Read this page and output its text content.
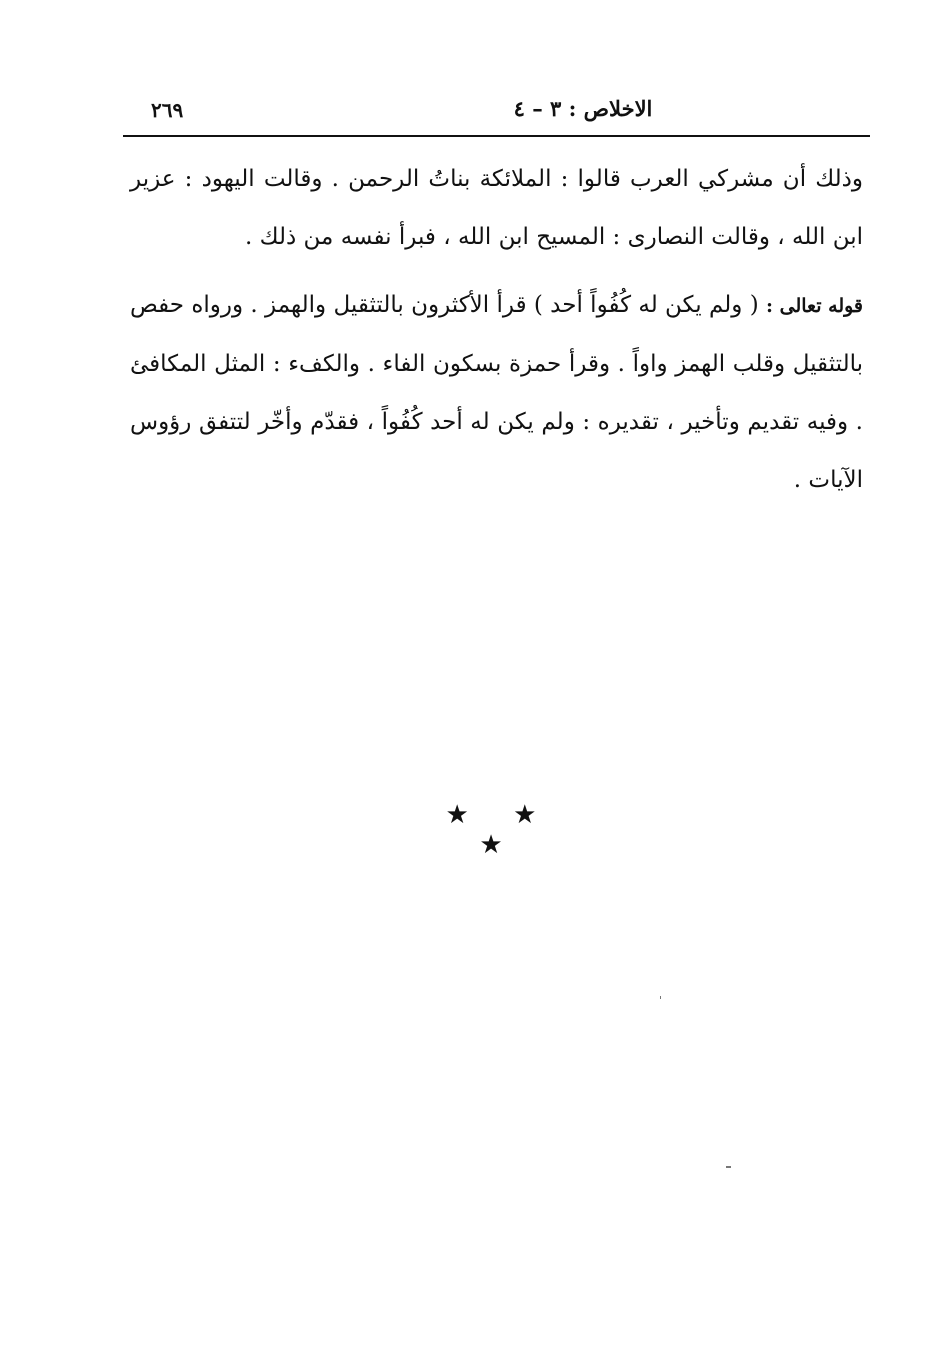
٢٦٩	الاخلاص : ٣ – ٤

وذلك أن مشركي العرب قالوا : الملائكة بناتُ الرحمن . وقالت اليهود : عزير ابن الله ، وقالت النصارى : المسيح ابن الله ، فبرأ نفسه من ذلك .

قوله تعالى : ( ولم يكن له كُفُواً أحد ) قرأ الأكثرون بالتثقيل والهمز . ورواه حفص بالتثقيل وقلب الهمز واواً . وقرأ حمزة بسكون الفاء . والكفء : المثل المكافئ . وفيه تقديم وتأخير ، تقديره : ولم يكن له أحد كُفُواً ، فقدّم وأخّر لتتفق رؤوس الآيات .

★ ★ ★
